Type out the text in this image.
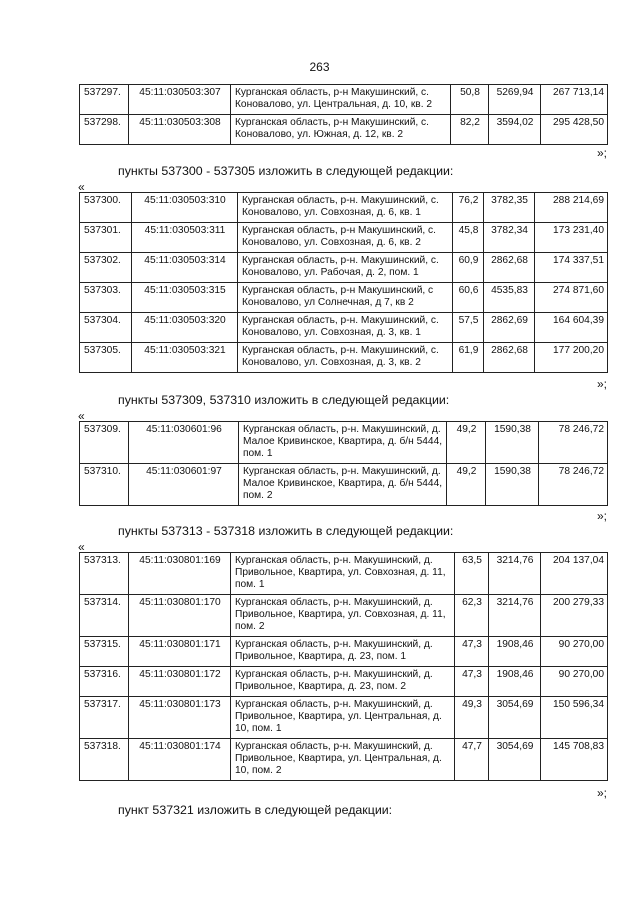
263
537297.	45:11:030503:307	Курганская область, р-н Макушинский, с. Коновалово, ул. Центральная, д. 10, кв. 2	50,8	5269,94	267 713,14
537298.	45:11:030503:308	Курганская область, р-н Макушинский, с. Коновалово, ул. Южная, д. 12, кв. 2	82,2	3594,02	295 428,50
»;
пункты 537300 - 537305 изложить в следующей редакции:
«
537300.	45:11:030503:310	Курганская область, р-н. Макушинский, с. Коновалово, ул. Совхозная, д. 6, кв. 1	76,2	3782,35	288 214,69
537301.	45:11:030503:311	Курганская область, р-н Макушинский, с. Коновалово, ул. Совхозная, д. 6, кв. 2	45,8	3782,34	173 231,40
537302.	45:11:030503:314	Курганская область, р-н. Макушинский, с. Коновалово, ул. Рабочая, д. 2, пом. 1	60,9	2862,68	174 337,51
537303.	45:11:030503:315	Курганская область, р-н Макушинский, с Коновалово, ул Солнечная, д 7, кв 2	60,6	4535,83	274 871,60
537304.	45:11:030503:320	Курганская область, р-н. Макушинский, с. Коновалово, ул. Совхозная, д. 3, кв. 1	57,5	2862,69	164 604,39
537305.	45:11:030503:321	Курганская область, р-н. Макушинский, с. Коновалово, ул. Совхозная, д. 3, кв. 2	61,9	2862,68	177 200,20
»;
пункты 537309, 537310 изложить в следующей редакции:
«
537309.	45:11:030601:96	Курганская область, р-н. Макушинский, д. Малое Кривинское, Квартира, д. б/н 5444, пом. 1	49,2	1590,38	78 246,72
537310.	45:11:030601:97	Курганская область, р-н. Макушинский, д. Малое Кривинское, Квартира, д. б/н 5444, пом. 2	49,2	1590,38	78 246,72
»;
пункты 537313 - 537318 изложить в следующей редакции:
«
537313.	45:11:030801:169	Курганская область, р-н. Макушинский, д. Привольное, Квартира, ул. Совхозная, д. 11, пом. 1	63,5	3214,76	204 137,04
537314.	45:11:030801:170	Курганская область, р-н. Макушинский, д. Привольное, Квартира, ул. Совхозная, д. 11, пом. 2	62,3	3214,76	200 279,33
537315.	45:11:030801:171	Курганская область, р-н. Макушинский, д. Привольное, Квартира, д. 23, пом. 1	47,3	1908,46	90 270,00
537316.	45:11:030801:172	Курганская область, р-н. Макушинский, д. Привольное, Квартира, д. 23, пом. 2	47,3	1908,46	90 270,00
537317.	45:11:030801:173	Курганская область, р-н. Макушинский, д. Привольное, Квартира, ул. Центральная, д. 10, пом. 1	49,3	3054,69	150 596,34
537318.	45:11:030801:174	Курганская область, р-н. Макушинский, д. Привольное, Квартира, ул. Центральная, д. 10, пом. 2	47,7	3054,69	145 708,83
»;
пункт 537321 изложить в следующей редакции:
